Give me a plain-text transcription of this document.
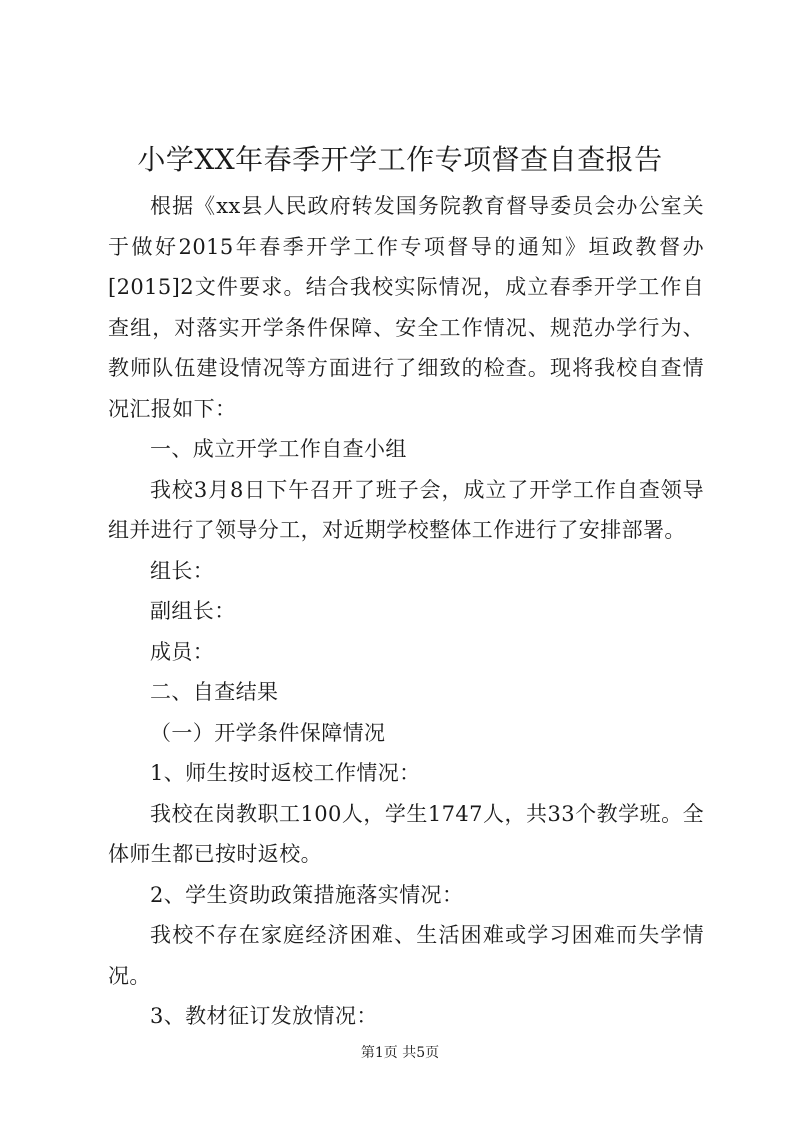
小学XX年春季开学工作专项督查自查报告

根据《xx县人民政府转发国务院教育督导委员会办公室关于做好2015年春季开学工作专项督导的通知》垣政教督办[2015]2文件要求。结合我校实际情况，成立春季开学工作自查组，对落实开学条件保障、安全工作情况、规范办学行为、教师队伍建设情况等方面进行了细致的检查。现将我校自查情况汇报如下：

一、成立开学工作自查小组

我校3月8日下午召开了班子会，成立了开学工作自查领导组并进行了领导分工，对近期学校整体工作进行了安排部署。

组长：

副组长：

成员：

二、自查结果

（一）开学条件保障情况

1、师生按时返校工作情况：

我校在岗教职工100人，学生1747人，共33个教学班。全体师生都已按时返校。

2、学生资助政策措施落实情况：

我校不存在家庭经济困难、生活困难或学习困难而失学情况。

3、教材征订发放情况：

第1页 共5页
